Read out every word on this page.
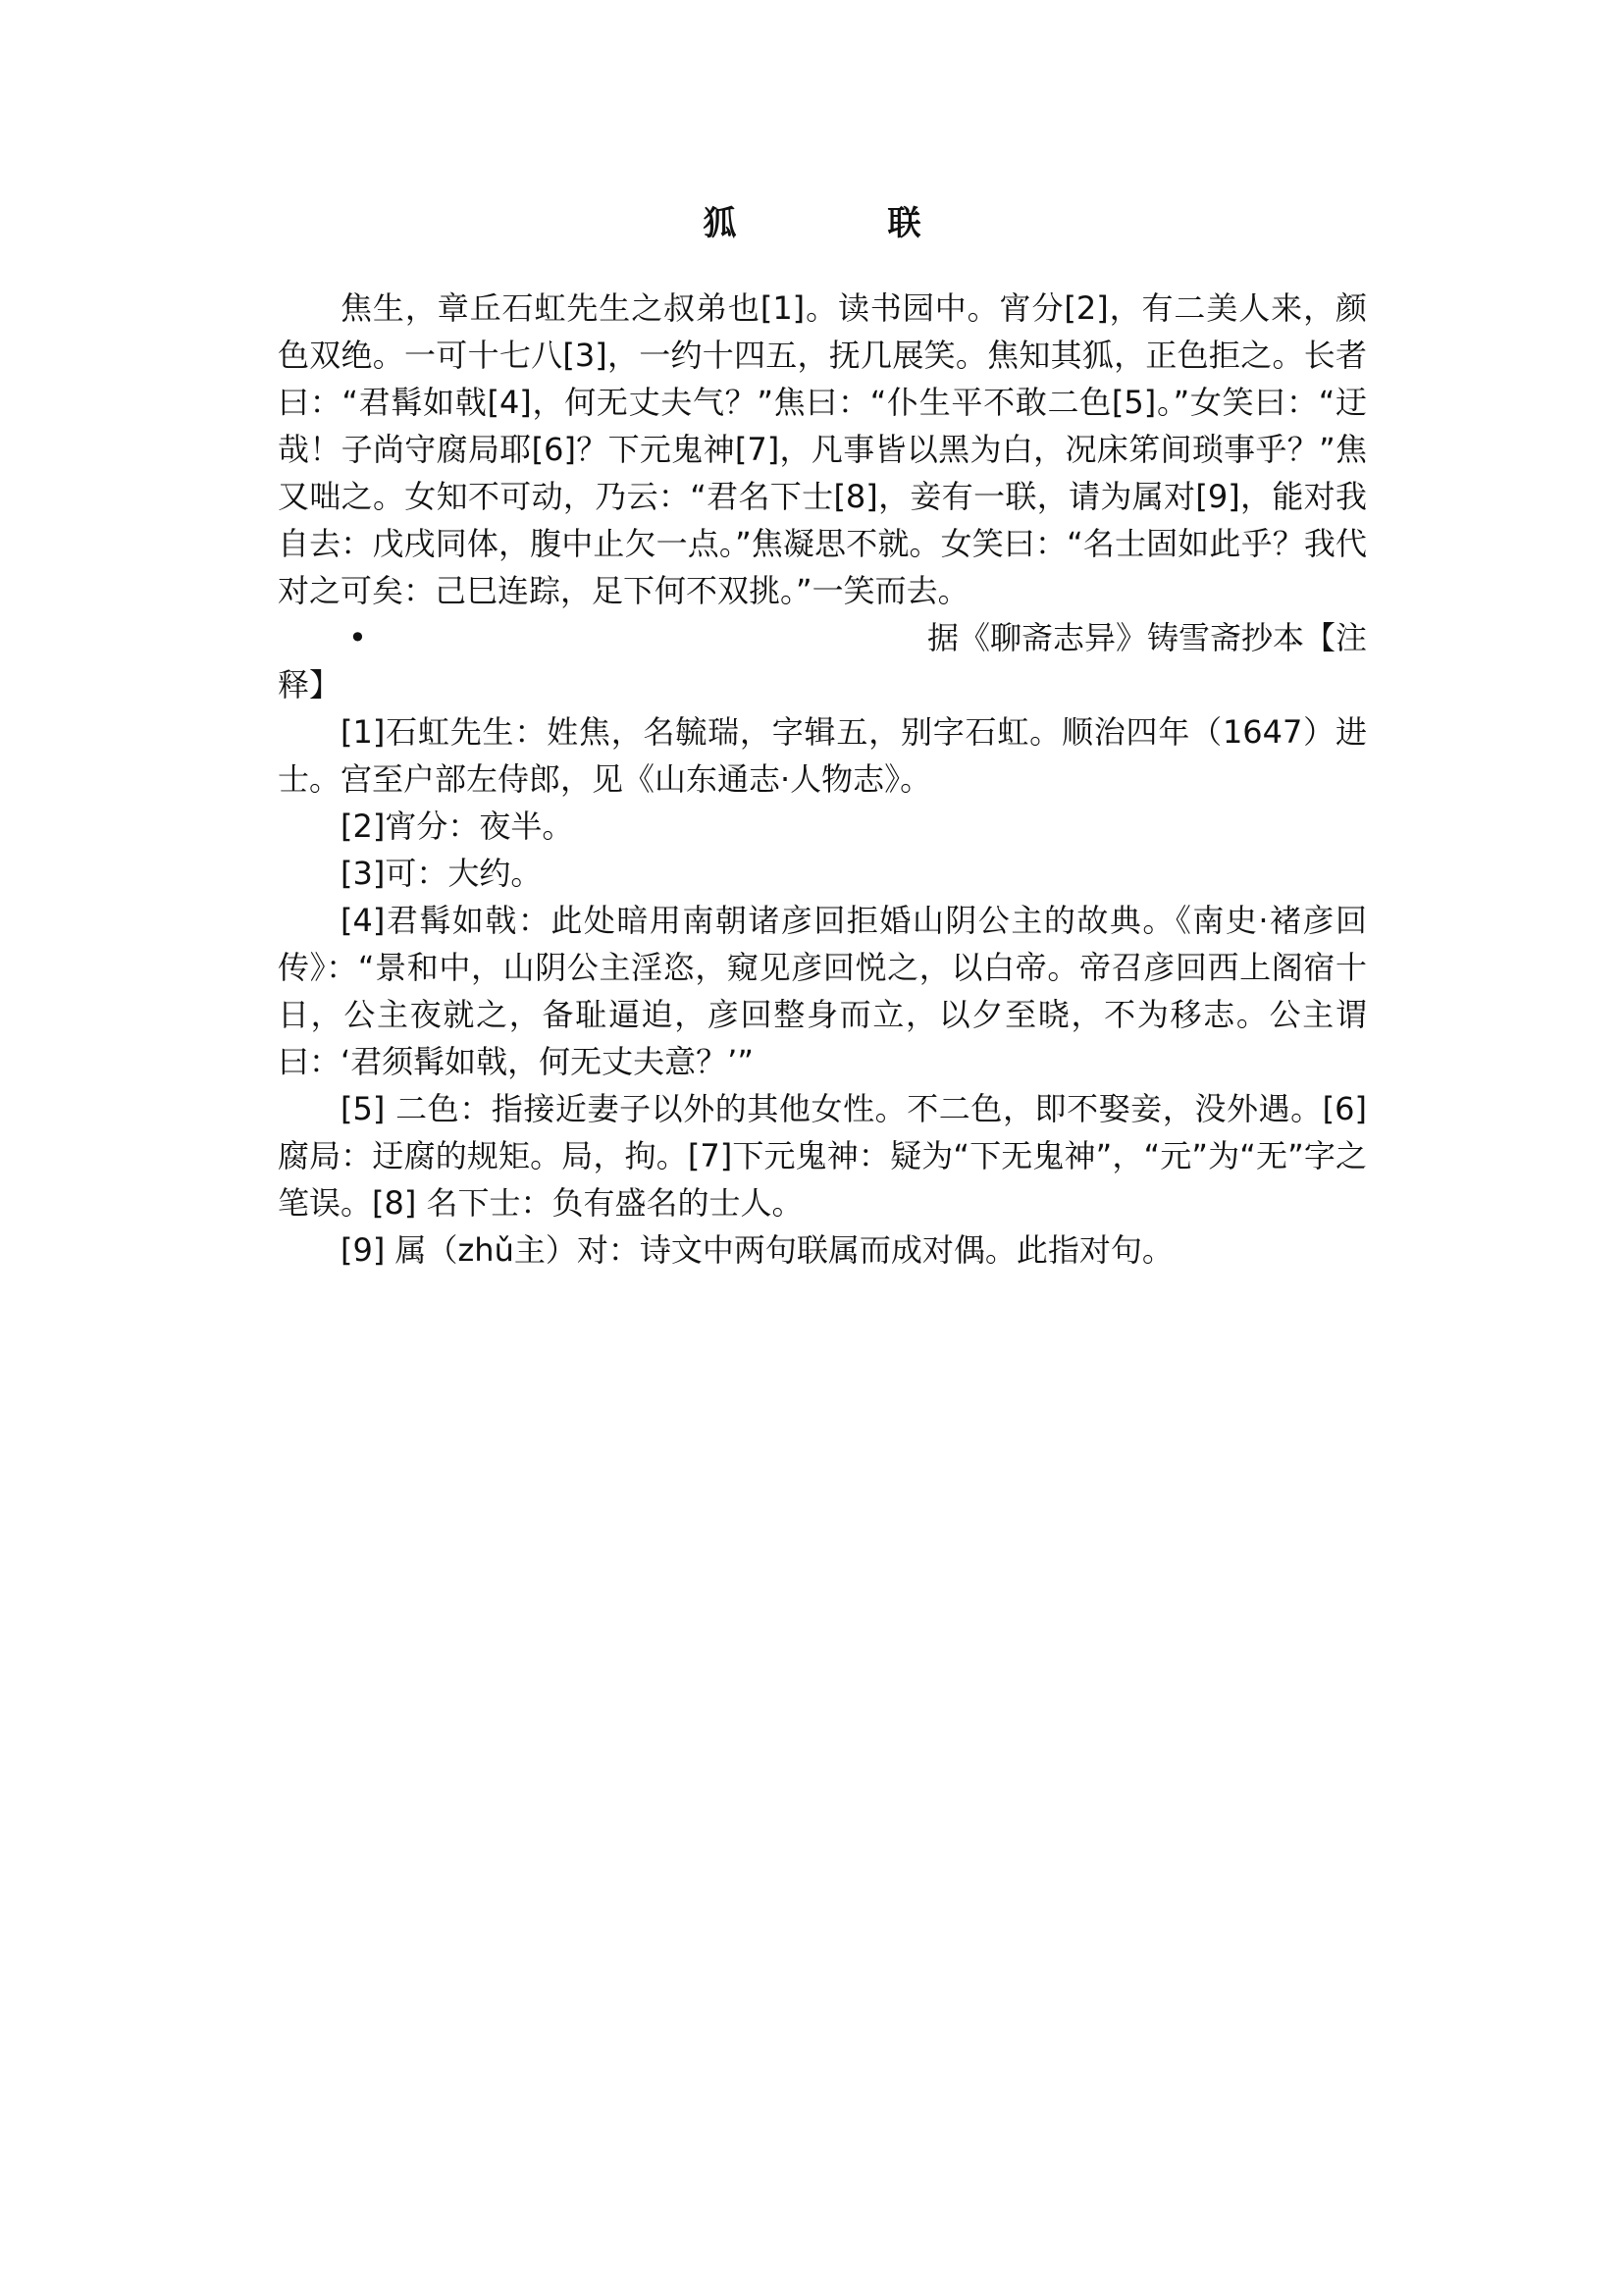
狐　联

焦生，章丘石虹先生之叔弟也[1]。读书园中。宵分[2]，有二美人来，颜色双绝。一可十七八[3]，一约十四五，抚几展笑。焦知其狐，正色拒之。长者曰：“君髯如戟[4]，何无丈夫气？”焦曰：“仆生平不敢二色[5]。”女笑曰：“迂哉！子尚守腐局耶[6]？下元鬼神[7]，凡事皆以黑为白，况床笫间琐事乎？”焦又咄之。女知不可动，乃云：“君名下士[8]，妾有一联，请为属对[9]，能对我自去：戊戌同体，腹中止欠一点。”焦凝思不就。女笑曰：“名士固如此乎？我代对之可矣：己巳连踪，足下何不双挑。”一笑而去。

•	据《聊斋志异》铸雪斋抄本【注

释】

[1]石虹先生：姓焦，名毓瑞，字辑五，别字石虹。顺治四年（1647）进士。宫至户部左侍郎，见《山东通志·人物志》。

[2]宵分：夜半。

[3]可：大约。

[4]君髯如戟：此处暗用南朝诸彦回拒婚山阴公主的故典。《南史·褚彦回传》：“景和中，山阴公主淫恣，窥见彦回悦之，以白帝。帝召彦回西上阁宿十日，公主夜就之，备耻逼迫，彦回整身而立，以夕至晓，不为移志。公主谓曰：‘君须髯如戟，何无丈夫意？’”

[5] 二色：指接近妻子以外的其他女性。不二色，即不娶妾，没外遇。[6] 腐局：迂腐的规矩。局，拘。[7]下元鬼神：疑为“下无鬼神”，“元”为“无”字之笔误。[8] 名下士：负有盛名的士人。

[9] 属（zhǔ主）对：诗文中两句联属而成对偶。此指对句。
